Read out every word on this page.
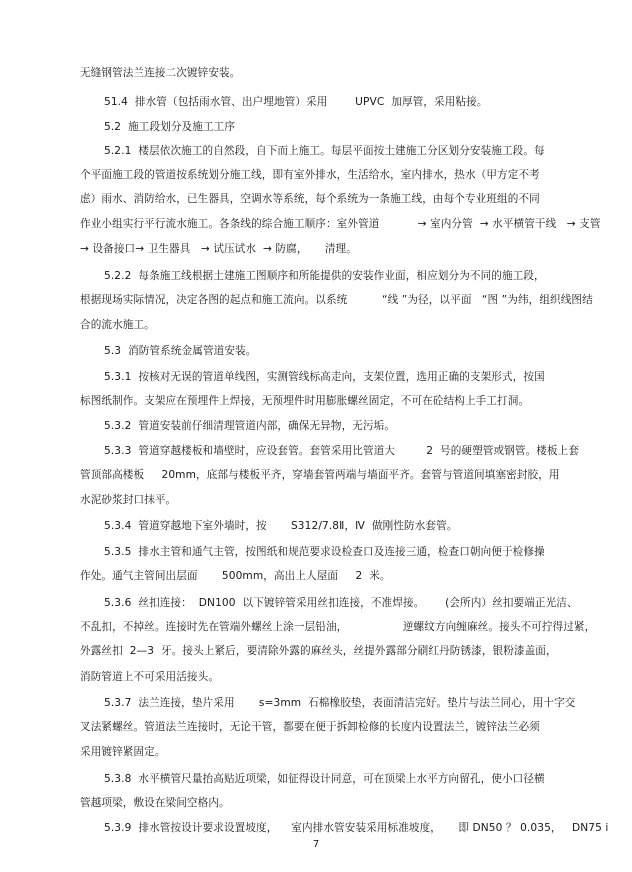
无缝钢管法兰连接二次镀锌安装。
51.4  排水管（包括雨水管、出户埋地管）采用        UPVC  加厚管，采用粘接。
5.2  施工段划分及施工工序
5.2.1  楼层依次施工的自然段，自下而上施工。每层平面按土建施工分区划分安装施工段。每
个平面施工段的管道按系统划分施工线，即有室外排水，生活给水，室内排水，热水（甲方定不考
虑）雨水、消防给水，已生器具，空调水等系统，每个系统为一条施工线，由每个专业班组的不同
作业小组实行平行流水施工。各条线的综合施工顺序：室外管道           → 室内分管  → 水平横管干线   → 支管
→ 设备接口→ 卫生器具   → 试压试水  → 防腐，     清理。
5.2.2  每条施工线根据土建施工图顺序和所能提供的安装作业面，相应划分为不同的施工段，
根据现场实际情况，决定各图的起点和施工流向。以系统          “线 ”为径，以平面   “图 ”为纬，组织线图结
合的流水施工。
5.3  消防管系统金属管道安装。
5.3.1  按核对无误的管道单线图，实测管线标高走向，支架位置，选用正确的支架形式，按国
标图纸制作。支架应在预埋件上焊接，无预埋件时用膨胀螺丝固定，不可在砼结构上手工打洞。
5.3.2  管道安装前仔细清理管道内部，确保无异物，无污垢。
5.3.3  管道穿越楼板和墙壁时，应设套管。套管采用比管道大         2  号的硬塑管或钢管。楼板上套
管顶部高楼板     20mm，底部与楼板平齐，穿墙套管两端与墙面平齐。套管与管道间填塞密封胶，用
水泥砂浆封口抹平。
5.3.4  管道穿越地下室外墙时，按       S312/7.8Ⅱ，Ⅳ  做刚性防水套管。
5.3.5  排水主管和通气主管，按图纸和规范要求设检查口及连接三通，检查口朝向便于检修操
作处。通气主管间出层面       500mm，高出上人屋面     2  米。
5.3.6  丝扣连接：  DN100  以下镀锌管采用丝扣连接，不准焊接。      (会所内）丝扣要端正光洁、
不乱扣，不掉丝。连接时先在管端外螺丝上涂一层铅油，                逆螺纹方向缠麻丝。接头不可拧得过紧，
外露丝扣  2—3  牙。接头上紧后，要清除外露的麻丝头，丝提外露部分刷红丹防锈漆，银粉漆盖面，
消防管道上不可采用活接头。
5.3.7  法兰连接，垫片采用       s=3mm  石棉橡胶垫，表面清洁完好。垫片与法兰同心，用十字交
叉法紧螺丝。管道法兰连接时，无论干管，都要在便于拆卸检修的长度内设置法兰，镀锌法兰必须
采用镀锌紧固定。
5.3.8  水平横管尺量抬高贴近项梁，如征得设计同意，可在顶梁上水平方向留孔，使小口径横
管越项梁，敷设在梁间空格内。
5.3.9  排水管按设计要求设置坡度，    室内排水管安装采用标准坡度，     即 DN50 ？ 0.035，   DN75 i
7
